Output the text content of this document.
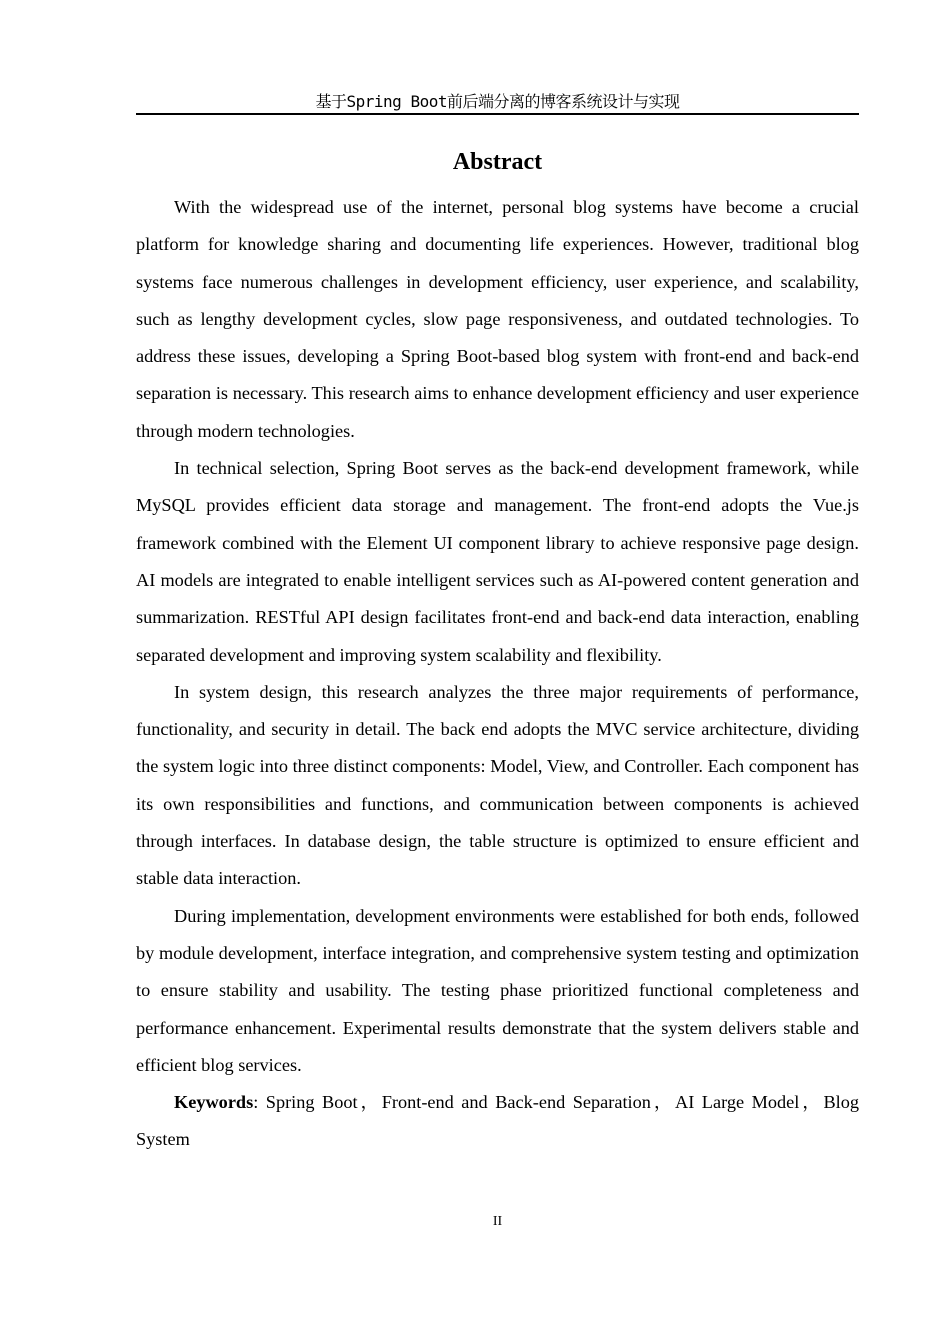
基于Spring Boot前后端分离的博客系统设计与实现
Abstract

With the widespread use of the internet, personal blog systems have become a crucial platform for knowledge sharing and documenting life experiences. However, traditional blog systems face numerous challenges in development efficiency, user experience, and scalability, such as lengthy development cycles, slow page responsiveness, and outdated technologies. To address these issues, developing a Spring Boot-based blog system with front-end and back-end separation is necessary. This research aims to enhance development efficiency and user experience through modern technologies.

In technical selection, Spring Boot serves as the back-end development framework, while MySQL provides efficient data storage and management. The front-end adopts the Vue.js framework combined with the Element UI component library to achieve responsive page design. AI models are integrated to enable intelligent services such as AI-powered content generation and summarization. RESTful API design facilitates front-end and back-end data interaction, enabling separated development and improving system scalability and flexibility.

In system design, this research analyzes the three major requirements of performance, functionality, and security in detail. The back end adopts the MVC service architecture, dividing the system logic into three distinct components: Model, View, and Controller. Each component has its own responsibilities and functions, and communication between components is achieved through interfaces. In database design, the table structure is optimized to ensure efficient and stable data interaction.

During implementation, development environments were established for both ends, followed by module development, interface integration, and comprehensive system testing and optimization to ensure stability and usability. The testing phase prioritized functional completeness and performance enhancement. Experimental results demonstrate that the system delivers stable and efficient blog services.

Keywords: Spring Boot，Front-end and Back-end Separation，AI Large Model，Blog System

II
